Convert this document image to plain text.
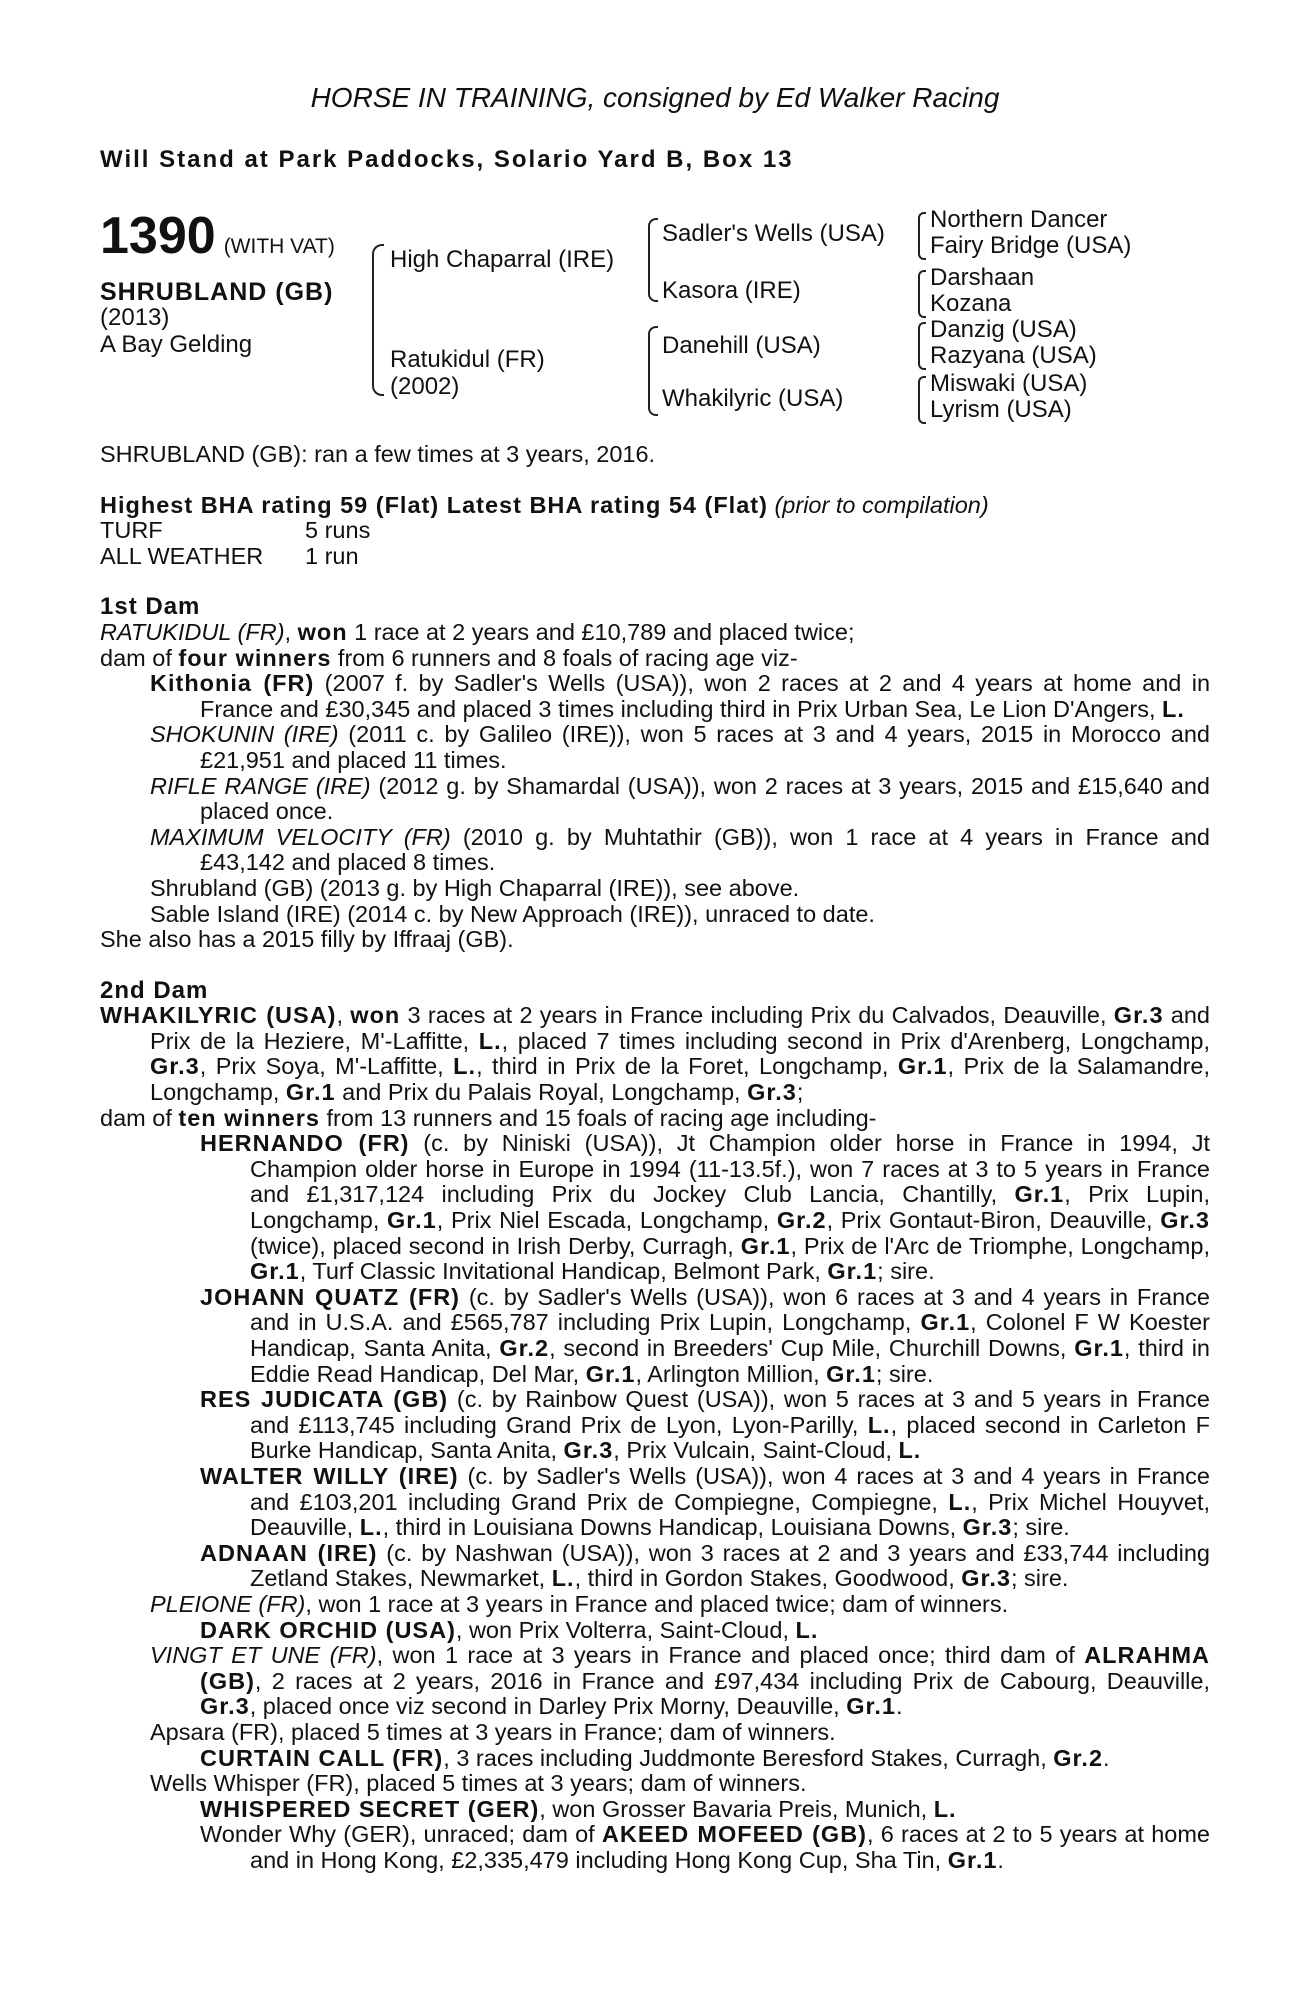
HORSE IN TRAINING, consigned by Ed Walker Racing
Will Stand at Park Paddocks, Solario Yard B, Box 13
1390 (WITH VAT)
SHRUBLAND (GB)
(2013)
A Bay Gelding
High Chaparral (IRE)
Ratukidul (FR)
(2002)
Sadler's Wells (USA)
Kasora (IRE)
Danehill (USA)
Whakilyric (USA)
Northern Dancer
Fairy Bridge (USA)
Darshaan
Kozana
Danzig (USA)
Razyana (USA)
Miswaki (USA)
Lyrism (USA)

SHRUBLAND (GB): ran a few times at 3 years, 2016.

Highest BHA rating 59 (Flat) Latest BHA rating 54 (Flat) (prior to compilation)

TURF	5 runs
ALL WEATHER	1 run

1st Dam

RATUKIDUL (FR), won 1 race at 2 years and £10,789 and placed twice;

dam of four winners from 6 runners and 8 foals of racing age viz-

Kithonia (FR) (2007 f. by Sadler's Wells (USA)), won 2 races at 2 and 4 years at home and in France and £30,345 and placed 3 times including third in Prix Urban Sea, Le Lion D'Angers, L.

SHOKUNIN (IRE) (2011 c. by Galileo (IRE)), won 5 races at 3 and 4 years, 2015 in Morocco and £21,951 and placed 11 times.

RIFLE RANGE (IRE) (2012 g. by Shamardal (USA)), won 2 races at 3 years, 2015 and £15,640 and placed once.

MAXIMUM VELOCITY (FR) (2010 g. by Muhtathir (GB)), won 1 race at 4 years in France and £43,142 and placed 8 times.

Shrubland (GB) (2013 g. by High Chaparral (IRE)), see above.

Sable Island (IRE) (2014 c. by New Approach (IRE)), unraced to date.

She also has a 2015 filly by Iffraaj (GB).

2nd Dam

WHAKILYRIC (USA), won 3 races at 2 years in France including Prix du Calvados, Deauville, Gr.3 and Prix de la Heziere, M'-Laffitte, L., placed 7 times including second in Prix d'Arenberg, Longchamp, Gr.3, Prix Soya, M'-Laffitte, L., third in Prix de la Foret, Longchamp, Gr.1, Prix de la Salamandre, Longchamp, Gr.1 and Prix du Palais Royal, Longchamp, Gr.3;

dam of ten winners from 13 runners and 15 foals of racing age including-

HERNANDO (FR) (c. by Niniski (USA)), Jt Champion older horse in France in 1994, Jt Champion older horse in Europe in 1994 (11-13.5f.), won 7 races at 3 to 5 years in France and £1,317,124 including Prix du Jockey Club Lancia, Chantilly, Gr.1, Prix Lupin, Longchamp, Gr.1, Prix Niel Escada, Longchamp, Gr.2, Prix Gontaut-Biron, Deauville, Gr.3 (twice), placed second in Irish Derby, Curragh, Gr.1, Prix de l'Arc de Triomphe, Longchamp, Gr.1, Turf Classic Invitational Handicap, Belmont Park, Gr.1; sire.

JOHANN QUATZ (FR) (c. by Sadler's Wells (USA)), won 6 races at 3 and 4 years in France and in U.S.A. and £565,787 including Prix Lupin, Longchamp, Gr.1, Colonel F W Koester Handicap, Santa Anita, Gr.2, second in Breeders' Cup Mile, Churchill Downs, Gr.1, third in Eddie Read Handicap, Del Mar, Gr.1, Arlington Million, Gr.1; sire.

RES JUDICATA (GB) (c. by Rainbow Quest (USA)), won 5 races at 3 and 5 years in France and £113,745 including Grand Prix de Lyon, Lyon-Parilly, L., placed second in Carleton F Burke Handicap, Santa Anita, Gr.3, Prix Vulcain, Saint-Cloud, L.

WALTER WILLY (IRE) (c. by Sadler's Wells (USA)), won 4 races at 3 and 4 years in France and £103,201 including Grand Prix de Compiegne, Compiegne, L., Prix Michel Houyvet, Deauville, L., third in Louisiana Downs Handicap, Louisiana Downs, Gr.3; sire.

ADNAAN (IRE) (c. by Nashwan (USA)), won 3 races at 2 and 3 years and £33,744 including Zetland Stakes, Newmarket, L., third in Gordon Stakes, Goodwood, Gr.3; sire.

PLEIONE (FR), won 1 race at 3 years in France and placed twice; dam of winners.

DARK ORCHID (USA), won Prix Volterra, Saint-Cloud, L.

VINGT ET UNE (FR), won 1 race at 3 years in France and placed once; third dam of ALRAHMA (GB), 2 races at 2 years, 2016 in France and £97,434 including Prix de Cabourg, Deauville, Gr.3, placed once viz second in Darley Prix Morny, Deauville, Gr.1.

Apsara (FR), placed 5 times at 3 years in France; dam of winners.

CURTAIN CALL (FR), 3 races including Juddmonte Beresford Stakes, Curragh, Gr.2.

Wells Whisper (FR), placed 5 times at 3 years; dam of winners.

WHISPERED SECRET (GER), won Grosser Bavaria Preis, Munich, L.

Wonder Why (GER), unraced; dam of AKEED MOFEED (GB), 6 races at 2 to 5 years at home and in Hong Kong, £2,335,479 including Hong Kong Cup, Sha Tin, Gr.1.
